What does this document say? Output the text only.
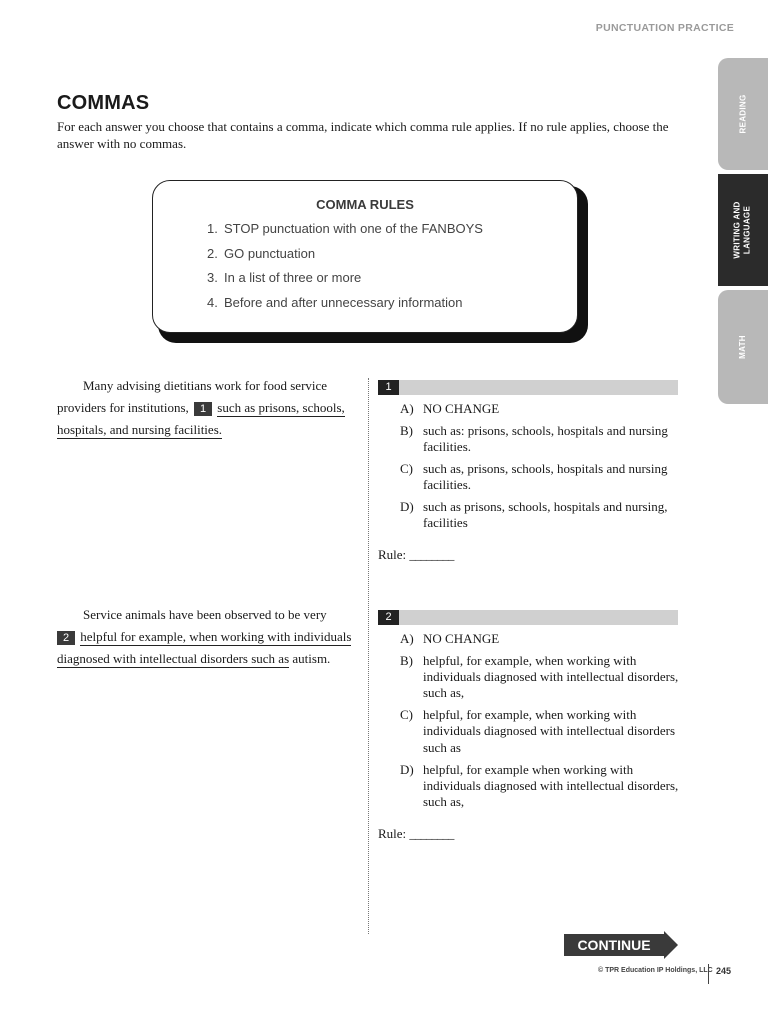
PUNCTUATION PRACTICE
READING
WRITING AND LANGUAGE
MATH
COMMAS

For each answer you choose that contains a comma, indicate which comma rule applies. If no rule applies, choose the answer with no commas.

COMMA RULES
1. STOP punctuation with one of the FANBOYS
2. GO punctuation
3. In a list of three or more
4. Before and after unnecessary information
Many advising dietitians work for food service
providers for institutions, 1 such as prisons, schools,
hospitals, and nursing facilities.
1
A) NO CHANGE
B) such as: prisons, schools, hospitals and nursing facilities.
C) such as, prisons, schools, hospitals and nursing facilities.
D) such as prisons, schools, hospitals and nursing, facilities
Rule: ________
Service animals have been observed to be very
2 helpful for example, when working with individuals
diagnosed with intellectual disorders such as autism.
2
A) NO CHANGE
B) helpful, for example, when working with individuals diagnosed with intellectual disorders, such as,
C) helpful, for example, when working with individuals diagnosed with intellectual disorders such as
D) helpful, for example when working with individuals diagnosed with intellectual disorders, such as,
Rule: ________
CONTINUE
© TPR Education IP Holdings, LLC 245
